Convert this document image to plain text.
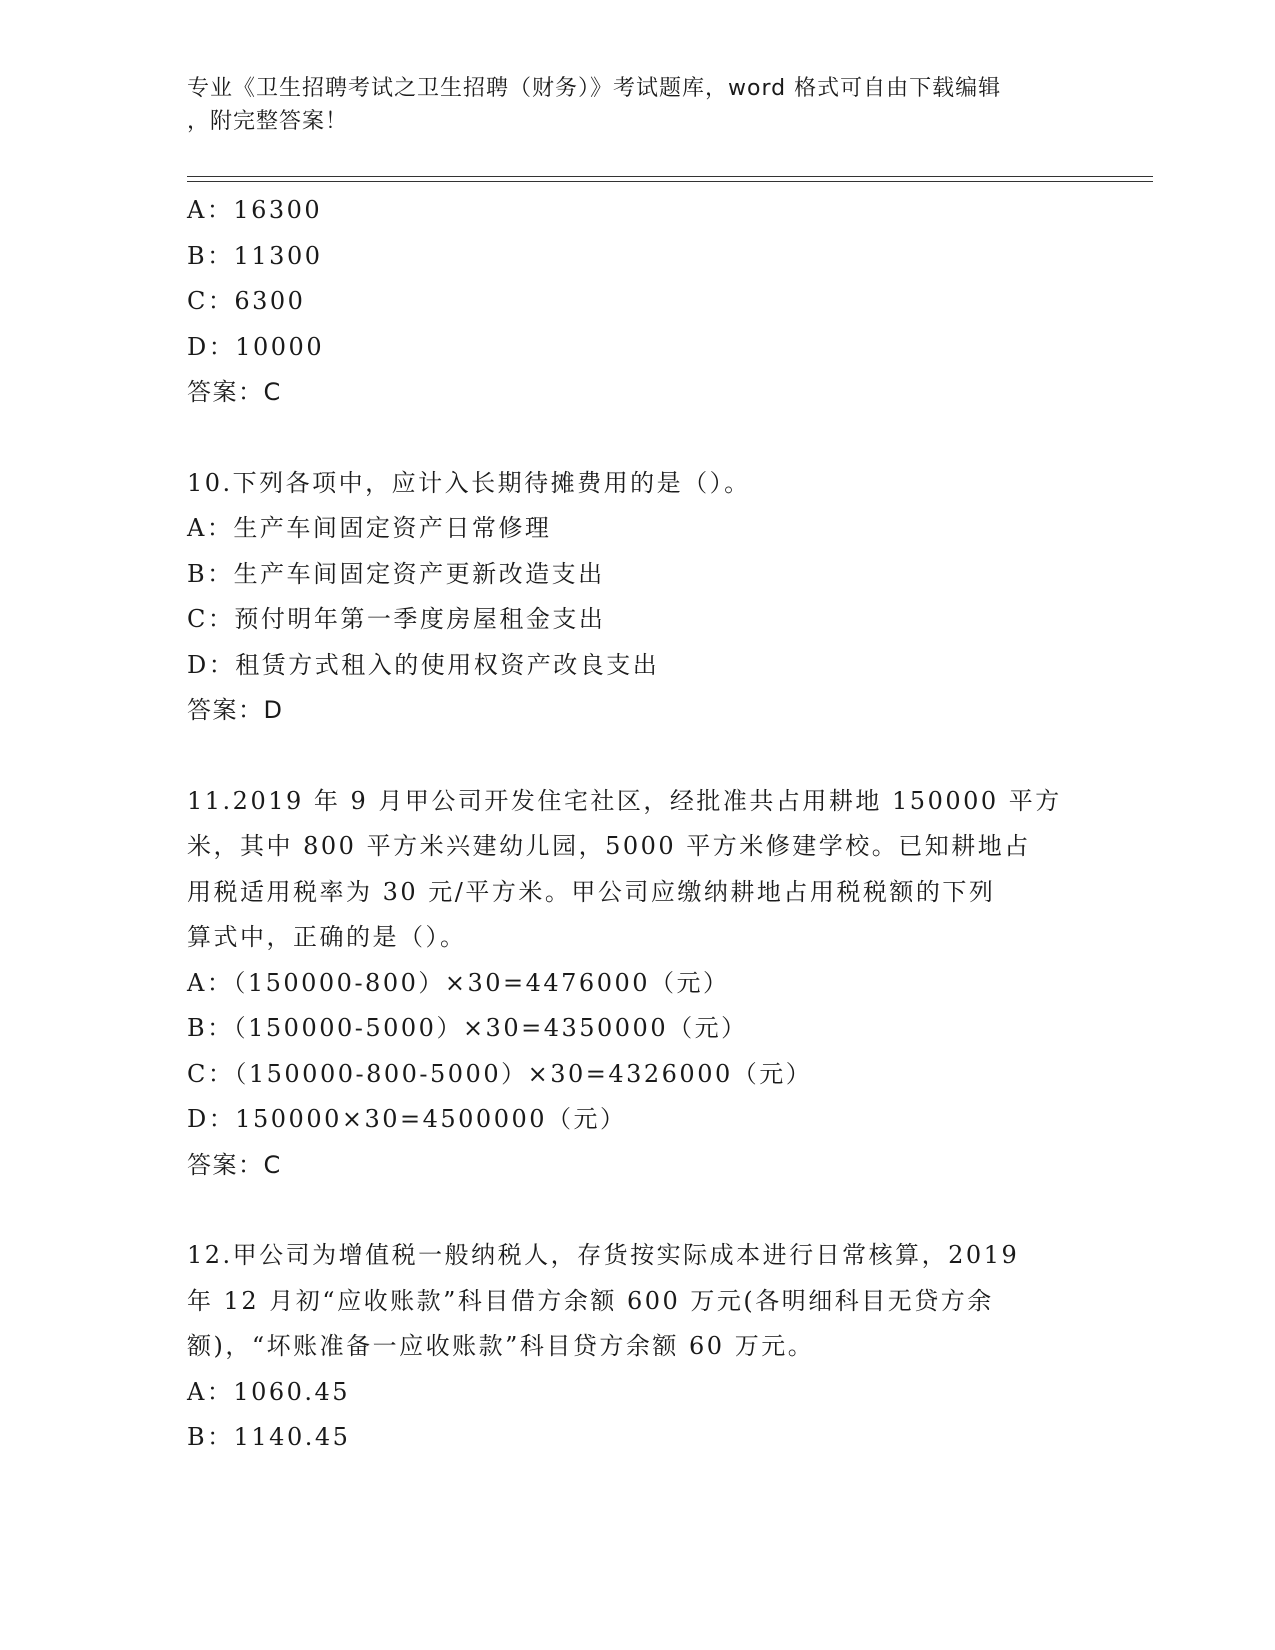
专业《卫生招聘考试之卫生招聘（财务）》考试题库，word 格式可自由下载编辑
，附完整答案！
A：16300
B：11300
C：6300
D：10000
答案：C
10.下列各项中，应计入长期待摊费用的是（）。
A：生产车间固定资产日常修理
B：生产车间固定资产更新改造支出
C：预付明年第一季度房屋租金支出
D：租赁方式租入的使用权资产改良支出
答案：D
11.2019 年 9 月甲公司开发住宅社区，经批准共占用耕地 150000 平方
米，其中 800 平方米兴建幼儿园，5000 平方米修建学校。已知耕地占
用税适用税率为 30 元/平方米。甲公司应缴纳耕地占用税税额的下列
算式中，正确的是（）。
A：（150000-800）×30=4476000（元）
B：（150000-5000）×30=4350000（元）
C：（150000-800-5000）×30=4326000（元）
D：150000×30=4500000（元）
答案：C
12.甲公司为增值税一般纳税人，存货按实际成本进行日常核算，2019
年 12 月初“应收账款”科目借方余额 600 万元(各明细科目无贷方余
额)，“坏账准备一应收账款”科目贷方余额 60 万元。
A：1060.45
B：1140.45
